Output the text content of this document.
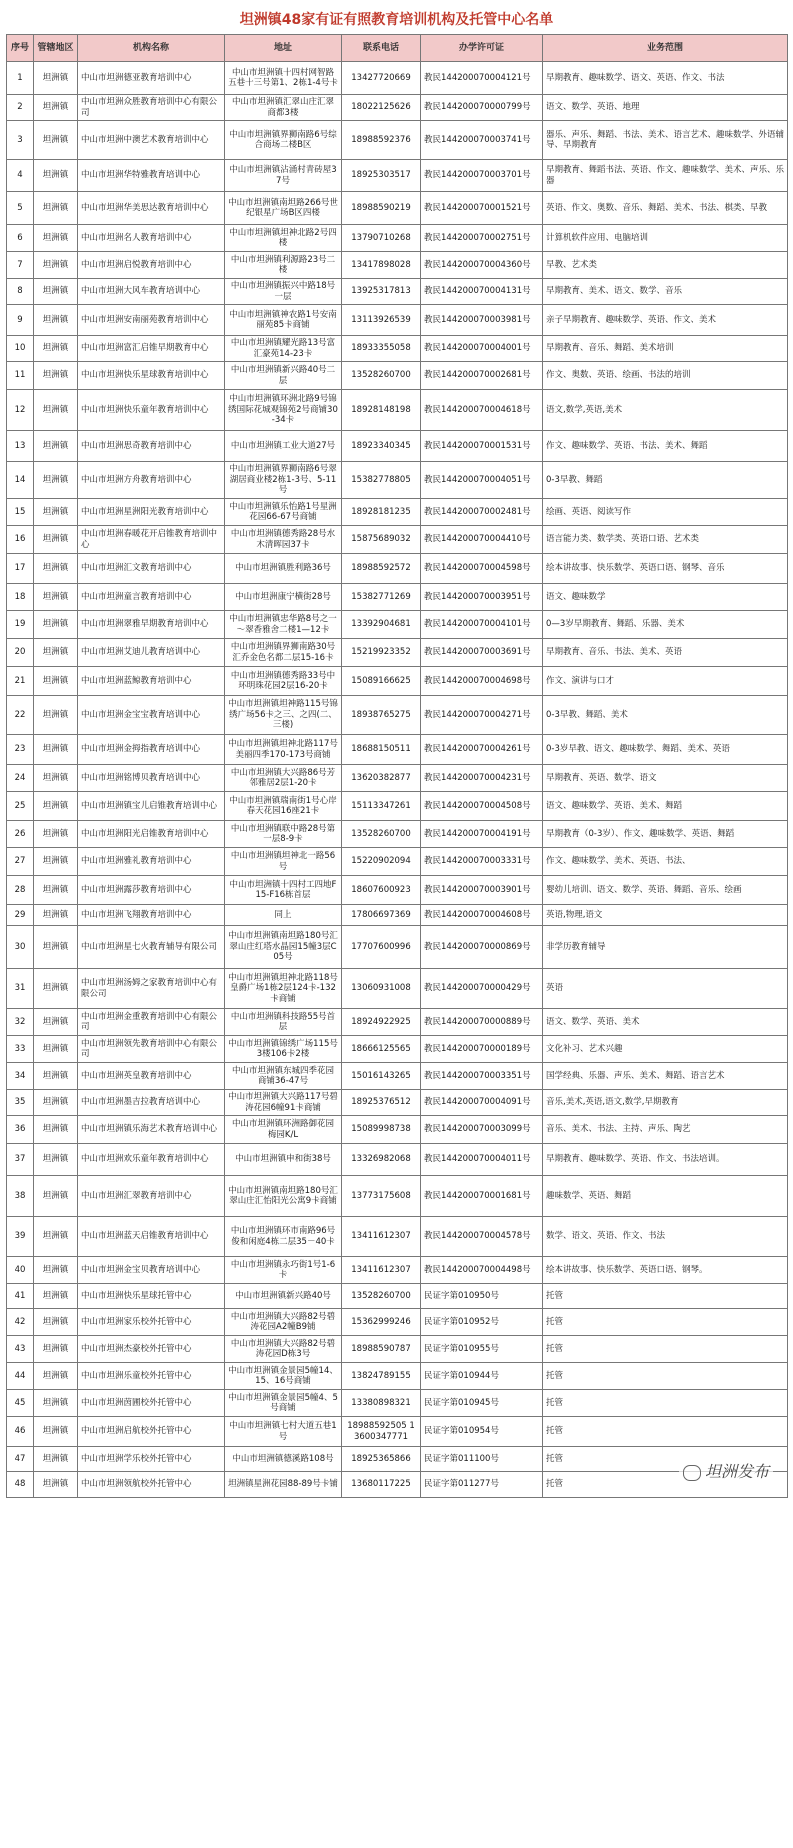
坦洲镇48家有证有照教育培训机构及托管中心名单
序号	管辖地区	机构名称	地址	联系电话	办学许可证	业务范围
1	坦洲镇	中山市坦洲德亚教育培训中心	中山市坦洲镇十四村网智路五巷十三号第1、2栋1-4号卡	13427720669	教民144200070004121号	早期教育、趣味数学、语文、英语、作文、书法
2	坦洲镇	中山市坦洲众胜教育培训中心有限公司	中山市坦洲镇汇翠山庄汇翠商都3楼	18022125626	教民144200070000799号	语文、数学、英语、地理
3	坦洲镇	中山市坦洲中澳艺术教育培训中心	中山市坦洲镇界狮南路6号综合商场二楼B区	18988592376	教民144200070003741号	器乐、声乐、舞蹈、书法、美术、语言艺术、趣味数学、外语辅导、早期教育
4	坦洲镇	中山市坦洲华特雅教育培训中心	中山市坦洲镇沾涌村青砖屋37号	18925303517	教民144200070003701号	早期教育、舞蹈书法、英语、作文、趣味数学、美术、声乐、乐器
5	坦洲镇	中山市坦洲华美思达教育培训中心	中山市坦洲镇南坦路266号世纪银星广场B区四楼	18988590219	教民144200070001521号	英语、作文、奥数、音乐、舞蹈、美术、书法、棋类、早教
6	坦洲镇	中山市坦洲名人教育培训中心	中山市坦洲镇坦神北路2号四楼	13790710268	教民144200070002751号	计算机软件应用、电脑培训
7	坦洲镇	中山市坦洲启悦教育培训中心	中山市坦洲镇利源路23号二楼	13417898028	教民144200070004360号	早教、艺术类
8	坦洲镇	中山市坦洲大风车教育培训中心	中山市坦洲镇振兴中路18号一层	13925317813	教民144200070004131号	早期教育、美术、语文、数学、音乐
9	坦洲镇	中山市坦洲安南丽苑教育培训中心	中山市坦洲镇神农路1号安南丽苑85卡商铺	13113926539	教民144200070003981号	亲子早期教育、趣味数学、英语、作文、美术
10	坦洲镇	中山市坦洲富汇启锥早期教育中心	中山市坦洲镇耀光路13号富汇豪苑14-23卡	18933355058	教民144200070004001号	早期教育、音乐、舞蹈、美术培训
11	坦洲镇	中山市坦洲快乐星球教育培训中心	中山市坦洲镇新兴路40号二层	13528260700	教民144200070002681号	作文、奥数、英语、绘画、书法的培训
12	坦洲镇	中山市坦洲快乐童年教育培训中心	中山市坦洲镇环洲北路9号锦绣国际花城观锦苑2号商铺30-34卡	18928148198	教民144200070004618号	语文,数学,英语,美术
13	坦洲镇	中山市坦洲思奇教育培训中心	中山市坦洲镇工业大道27号	18923340345	教民144200070001531号	作文、趣味数学、英语、书法、美术、舞蹈
14	坦洲镇	中山市坦洲方舟教育培训中心	中山市坦洲镇界狮南路6号翠湖居商业楼2栋1-3号、5-11号	15382778805	教民144200070004051号	0-3早教、舞蹈
15	坦洲镇	中山市坦洲星洲阳光教育培训中心	中山市坦洲镇乐怡路1号星洲花园66-67号商铺	18928181235	教民144200070002481号	绘画、英语、阅读写作
16	坦洲镇	中山市坦洲春暖花开启锥教育培训中心	中山市坦洲镇德秀路28号水木清晖园37卡	15875689032	教民144200070004410号	语言能力类、数学类、英语口语、艺术类
17	坦洲镇	中山市坦洲汇文教育培训中心	中山市坦洲镇胜利路36号	18988592572	教民144200070004598号	绘本讲故事、快乐数学、英语口语、钢琴、音乐
18	坦洲镇	中山市坦洲童言教育培训中心	中山市坦洲康宁横街28号	15382771269	教民144200070003951号	语文、趣味数学
19	坦洲镇	中山市坦洲翠雅早期教育培训中心	中山市坦洲镇忠华路8号之一～翠香雅舍二楼1—12卡	13392904681	教民144200070004101号	0—3岁早期教育、舞蹈、乐器、美术
20	坦洲镇	中山市坦洲艾迪儿教育培训中心	中山市坦洲镇界狮南路30号汇乔金色名都二层15-16卡	15219923352	教民144200070003691号	早期教育、音乐、书法、美术、英语
21	坦洲镇	中山市坦洲蓝鲸教育培训中心	中山市坦洲镇德秀路33号中环明珠花园2层16-20卡	15089166625	教民144200070004698号	作文、演讲与口才
22	坦洲镇	中山市坦洲金宝宝教育培训中心	中山市坦洲镇坦神路115号锦绣广场56卡之三、之四(二、三楼)	18938765275	教民144200070004271号	0-3早教、舞蹈、美术
23	坦洲镇	中山市坦洲金拇指教育培训中心	中山市坦洲镇坦神北路117号美丽四季170-173号商铺	18688150511	教民144200070004261号	0-3岁早教、语文、趣味数学、舞蹈、美术、英语
24	坦洲镇	中山市坦洲铭博贝教育培训中心	中山市坦洲镇大兴路86号芳邻雅居2层1-20卡	13620382877	教民144200070004231号	早期教育、英语、数学、语文
25	坦洲镇	中山市坦洲镇宝儿启锥教育培训中心	中山市坦洲镇瑞南街1号心岸春天花园16座21卡	15113347261	教民144200070004508号	语文、趣味数学、英语、美术、舞蹈
26	坦洲镇	中山市坦洲阳光启锥教育培训中心	中山市坦洲镇联中路28号第一层8-9卡	13528260700	教民144200070004191号	早期教育（0-3岁）、作文、趣味数学、英语、舞蹈
27	坦洲镇	中山市坦洲雅礼教育培训中心	中山市坦洲镇坦神北一路56号	15220902094	教民144200070003331号	作文、趣味数学、美术、英语、书法、
28	坦洲镇	中山市坦洲露莎教育培训中心	中山市坦洲镇十四村工四地F15-F16栋首层	18607600923	教民144200070003901号	婴幼儿培训、语文、数学、英语、舞蹈、音乐、绘画
29	坦洲镇	中山市坦洲飞翔教育培训中心	同上	17806697369	教民144200070004608号	英语,物理,语文
30	坦洲镇	中山市坦洲星七火教育辅导有限公司	中山市坦洲镇南坦路180号汇翠山庄红塔水晶园15幢3层C05号	17707600996	教民144200070000869号	非学历教育辅导
31	坦洲镇	中山市坦洲汤姆之家教育培训中心有限公司	中山市坦洲镇坦神北路118号皇爵广场1栋2层124卡-132卡商铺	13060931008	教民144200070000429号	英语
32	坦洲镇	中山市坦洲金重教育培训中心有限公司	中山市坦洲镇科技路55号首层	18924922925	教民144200070000889号	语文、数学、英语、美术
33	坦洲镇	中山市坦洲领先教育培训中心有限公司	中山市坦洲镇锦绣广场115号3楼106卡2楼	18666125565	教民144200070000189号	文化补习、艺术兴趣
34	坦洲镇	中山市坦洲英皇教育培训中心	中山市坦洲镇东城四季花园商铺36-47号	15016143265	教民144200070003351号	国学经典、乐器、声乐、美术、舞蹈、语言艺术
35	坦洲镇	中山市坦洲墨吉拉教育培训中心	中山市坦洲镇大兴路117号碧涛花园6幢91卡商铺	18925376512	教民144200070004091号	音乐,美术,英语,语文,数学,早期教育
36	坦洲镇	中山市坦洲镇乐海艺术教育培训中心	中山市坦洲镇环洲路御花园梅园K/L	15089998738	教民144200070003099号	音乐、美术、书法、主持、声乐、陶艺
37	坦洲镇	中山市坦洲欢乐童年教育培训中心	中山市坦洲镇申和街38号	13326982068	教民144200070004011号	早期教育、趣味数学、英语、作文、书法培训。
38	坦洲镇	中山市坦洲汇翠教育培训中心	中山市坦洲镇南坦路180号汇翠山庄汇怡阳光公寓9卡商铺	13773175608	教民144200070001681号	趣味数学、英语、舞蹈
39	坦洲镇	中山市坦洲蓝天启锥教育培训中心	中山市坦洲镇环市南路96号俊和闲庭4栋二层35－40卡	13411612307	教民144200070004578号	数学、语文、英语、作文、书法
40	坦洲镇	中山市坦洲金宝贝教育培训中心	中山市坦洲镇永巧街1号1-6卡	13411612307	教民144200070004498号	绘本讲故事、快乐数学、英语口语、钢琴。
41	坦洲镇	中山市坦洲快乐星球托管中心	中山市坦洲镇新兴路40号	13528260700	民证字第010950号	托管
42	坦洲镇	中山市坦洲家乐校外托管中心	中山市坦洲镇大兴路82号碧涛花园A2幢B9铺	15362999246	民证字第010952号	托管
43	坦洲镇	中山市坦洲杰豪校外托管中心	中山市坦洲镇大兴路82号碧涛花园D栋3号	18988590787	民证字第010955号	托管
44	坦洲镇	中山市坦洲乐童校外托管中心	中山市坦洲镇金景园5幢14、15、16号商铺	13824789155	民证字第010944号	托管
45	坦洲镇	中山市坦洲茵圃校外托管中心	中山市坦洲镇金景园5幢4、5号商铺	13380898321	民证字第010945号	托管
46	坦洲镇	中山市坦洲启航校外托管中心	中山市坦洲镇七村大道五巷1号	18988592505 13600347771	民证字第010954号	托管
47	坦洲镇	中山市坦洲学乐校外托管中心	中山市坦洲镇德溪路108号	18925365866	民证字第011100号	托管
48	坦洲镇	中山市坦洲领航校外托管中心	坦洲镇星洲花园88-89号卡铺	13680117225	民证字第011277号	托管
坦洲发布
